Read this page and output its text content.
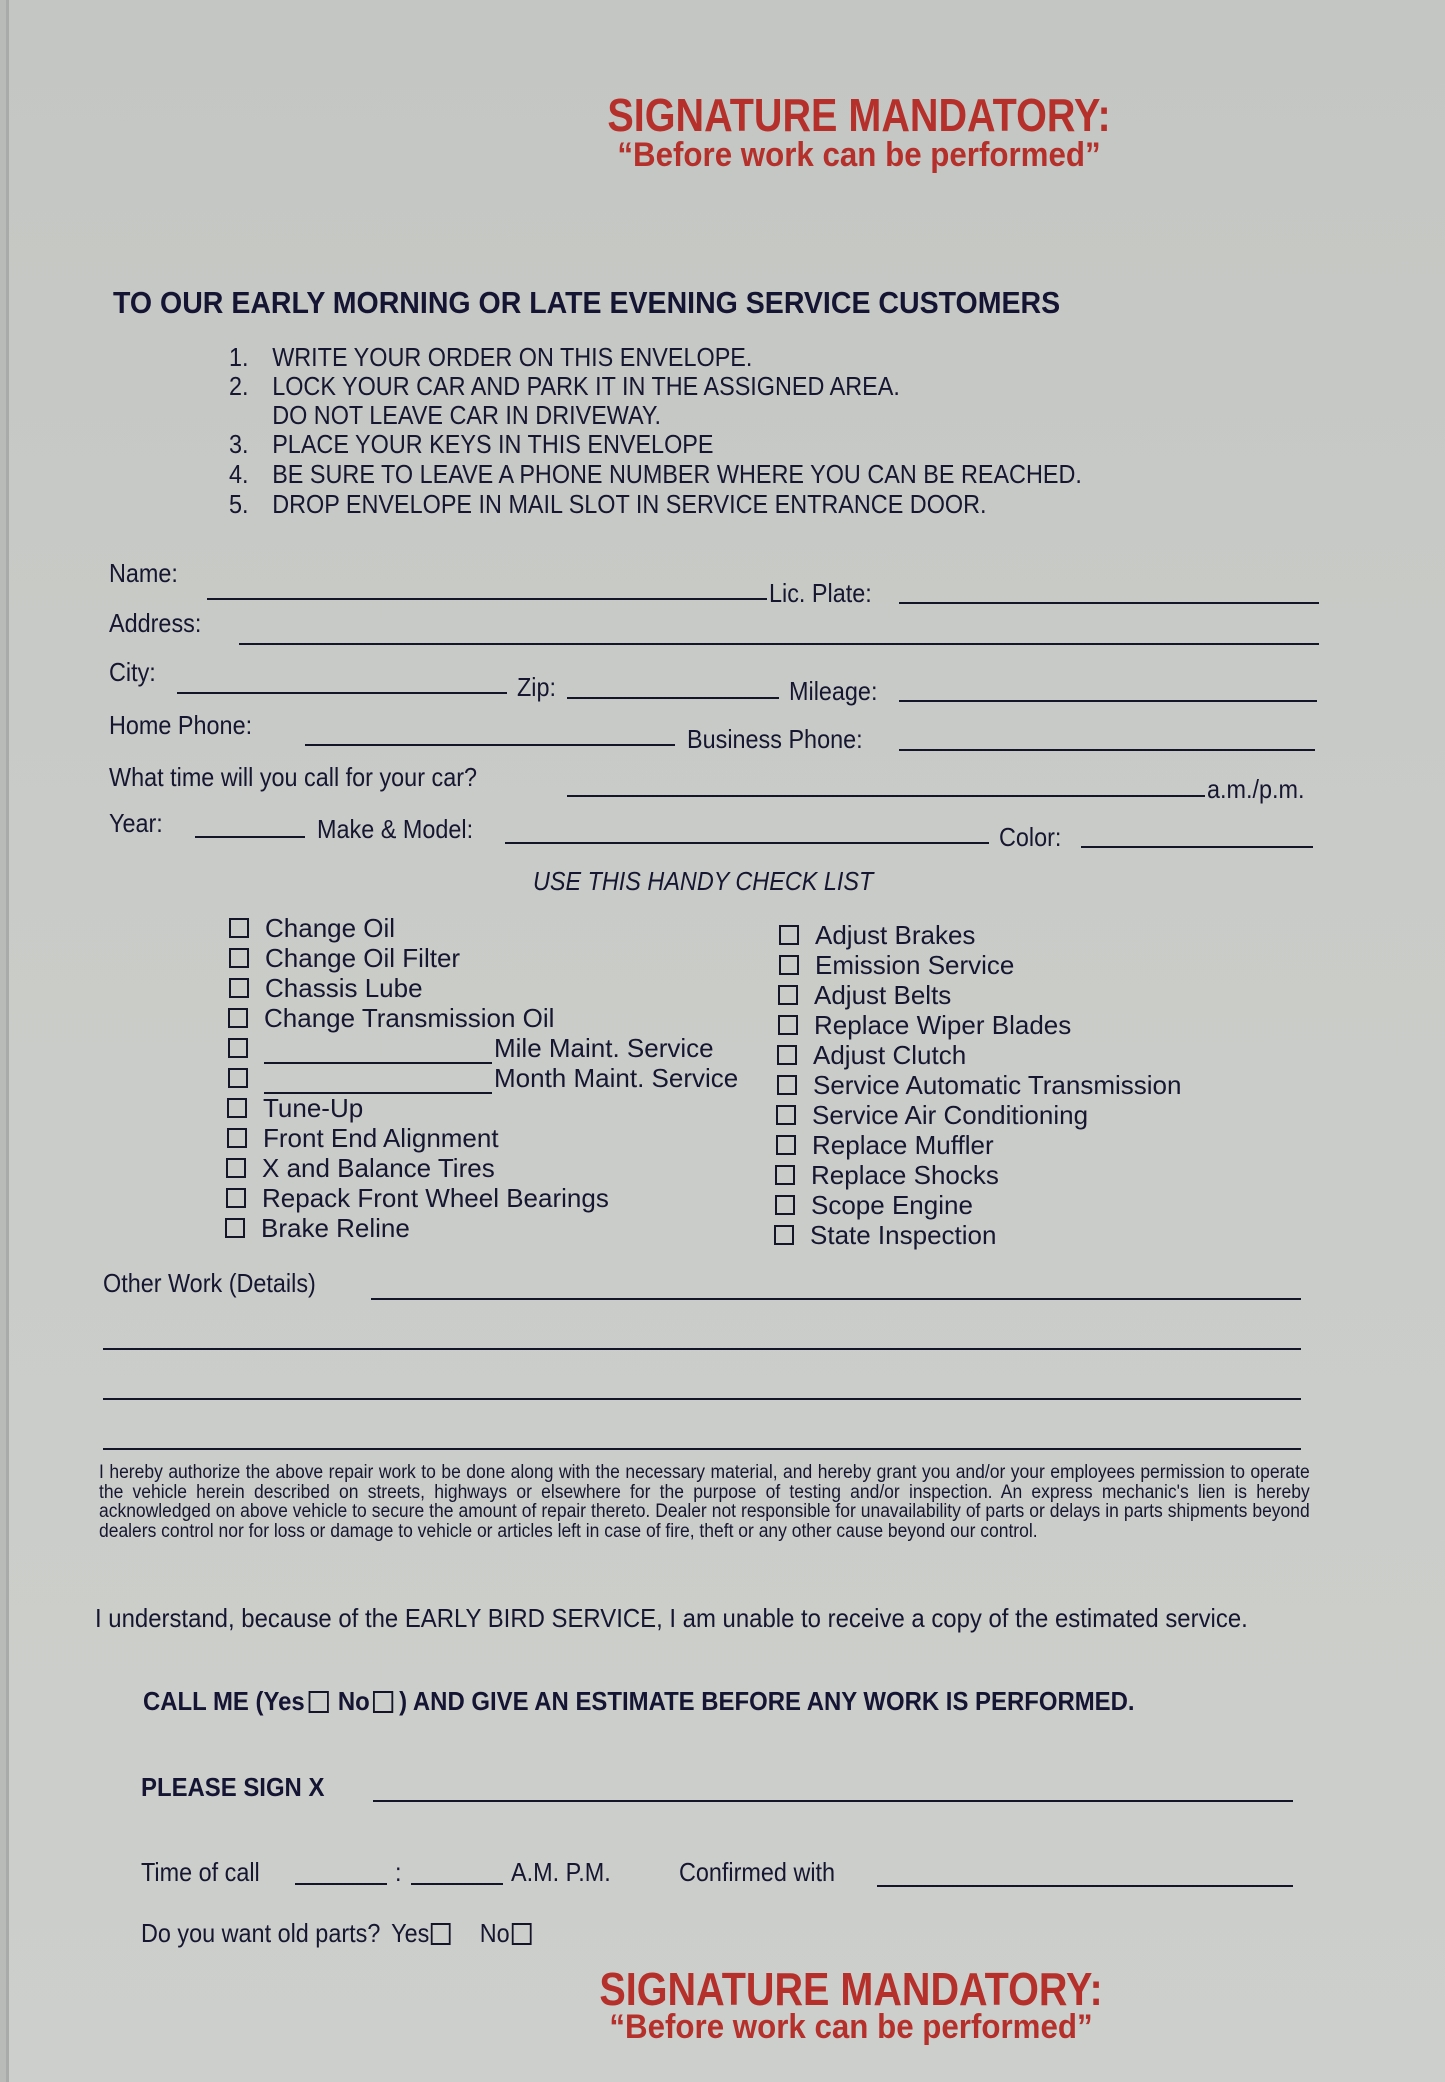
SIGNATURE MANDATORY:
“Before work can be performed”
TO OUR EARLY MORNING OR LATE EVENING SERVICE CUSTOMERS
1. WRITE YOUR ORDER ON THIS ENVELOPE.
2. LOCK YOUR CAR AND PARK IT IN THE ASSIGNED AREA.
DO NOT LEAVE CAR IN DRIVEWAY.
3. PLACE YOUR KEYS IN THIS ENVELOPE
4. BE SURE TO LEAVE A PHONE NUMBER WHERE YOU CAN BE REACHED.
5. DROP ENVELOPE IN MAIL SLOT IN SERVICE ENTRANCE DOOR.
Name:
Lic. Plate:
Address:
City:	Zip:	Mileage:
Home Phone:	Business Phone:
What time will you call for your car?	a.m./p.m.
Year:	Make & Model:	Color:
USE THIS HANDY CHECK LIST
Change Oil
Change Oil Filter
Chassis Lube
Change Transmission Oil
Mile Maint. Service
Month Maint. Service
Tune-Up
Front End Alignment
X and Balance Tires
Repack Front Wheel Bearings
Brake Reline
Adjust Brakes
Emission Service
Adjust Belts
Replace Wiper Blades
Adjust Clutch
Service Automatic Transmission
Service Air Conditioning
Replace Muffler
Replace Shocks
Scope Engine
State Inspection
Other Work (Details)
I hereby authorize the above repair work to be done along with the necessary material, and hereby grant you and/or your employees permission to operate the vehicle herein described on streets, highways or elsewhere for the purpose of testing and/or inspection. An express mechanic's lien is hereby acknowledged on above vehicle to secure the amount of repair thereto. Dealer not responsible for unavailability of parts or delays in parts shipments beyond dealers control nor for loss or damage to vehicle or articles left in case of fire, theft or any other cause beyond our control.
I understand, because of the EARLY BIRD SERVICE, I am unable to receive a copy of the estimated service.
CALL ME (Yes No ) AND GIVE AN ESTIMATE BEFORE ANY WORK IS PERFORMED.
PLEASE SIGN X
Time of call	:	A.M. P.M.	Confirmed with
Do you want old parts? Yes No
SIGNATURE MANDATORY:
“Before work can be performed”
